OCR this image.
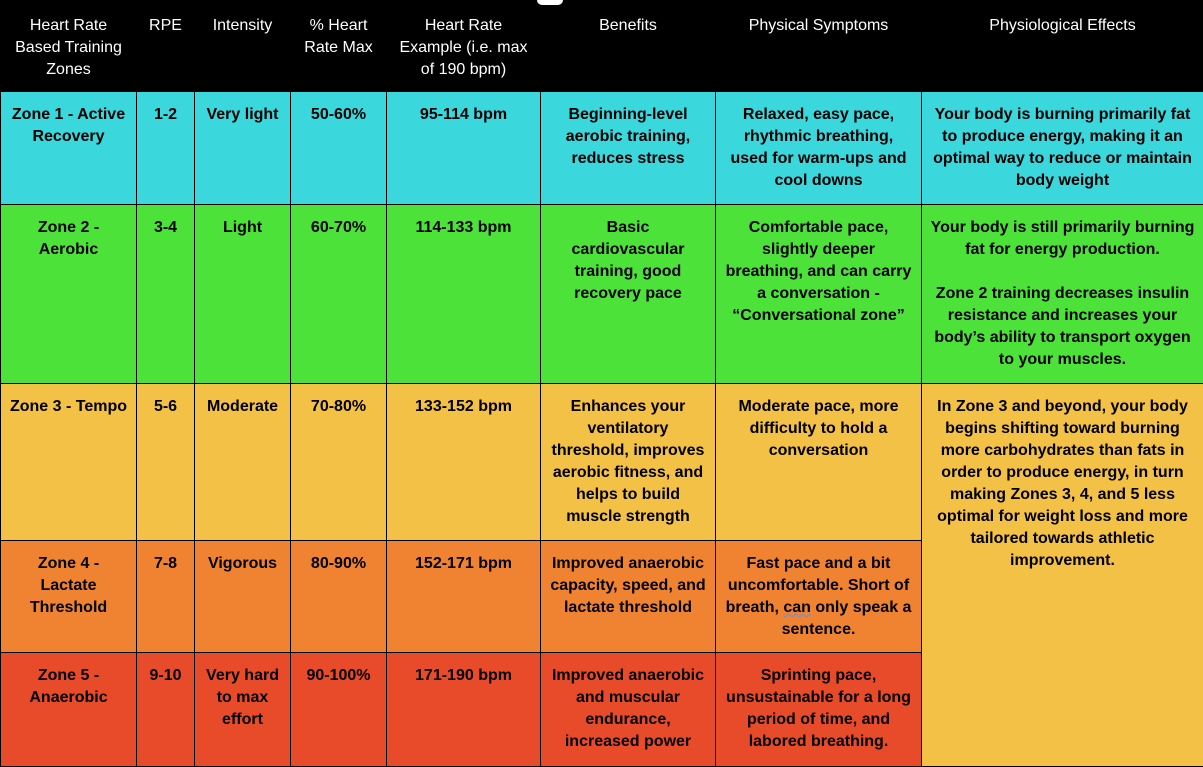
Heart Rate Based Training Zones	RPE	Intensity	% Heart Rate Max	Heart Rate Example (i.e. max of 190 bpm)	Benefits	Physical Symptoms	Physiological Effects
Zone 1 - Active Recovery	1-2	Very light	50-60%	95-114 bpm	Beginning-level aerobic training, reduces stress	Relaxed, easy pace, rhythmic breathing, used for warm-ups and cool downs	Your body is burning primarily fat to produce energy, making it an optimal way to reduce or maintain body weight
Zone 2 - Aerobic	3-4	Light	60-70%	114-133 bpm	Basic cardiovascular training, good recovery pace	Comfortable pace, slightly deeper breathing, and can carry a conversation - “Conversational zone”	Your body is still primarily burning fat for energy production.
Zone 2 training decreases insulin resistance and increases your body’s ability to transport oxygen to your muscles.

Zone 3 - Tempo	5-6	Moderate	70-80%	133-152 bpm	Enhances your ventilatory threshold, improves aerobic fitness, and helps to build muscle strength	Moderate pace, more difficulty to hold a conversation	In Zone 3 and beyond, your body begins shifting toward burning more carbohydrates than fats in order to produce energy, in turn making Zones 3, 4, and 5 less optimal for weight loss and more tailored towards athletic improvement.
Zone 4 - Lactate Threshold	7-8	Vigorous	80-90%	152-171 bpm	Improved anaerobic capacity, speed, and lactate threshold	Fast pace and a bit uncomfortable. Short of breath, can only speak a sentence.	
Zone 5 - Anaerobic	9-10	Very hard to max effort	90-100%	171-190 bpm	Improved anaerobic and muscular endurance, increased power	Sprinting pace, unsustainable for a long period of time, and labored breathing.	
